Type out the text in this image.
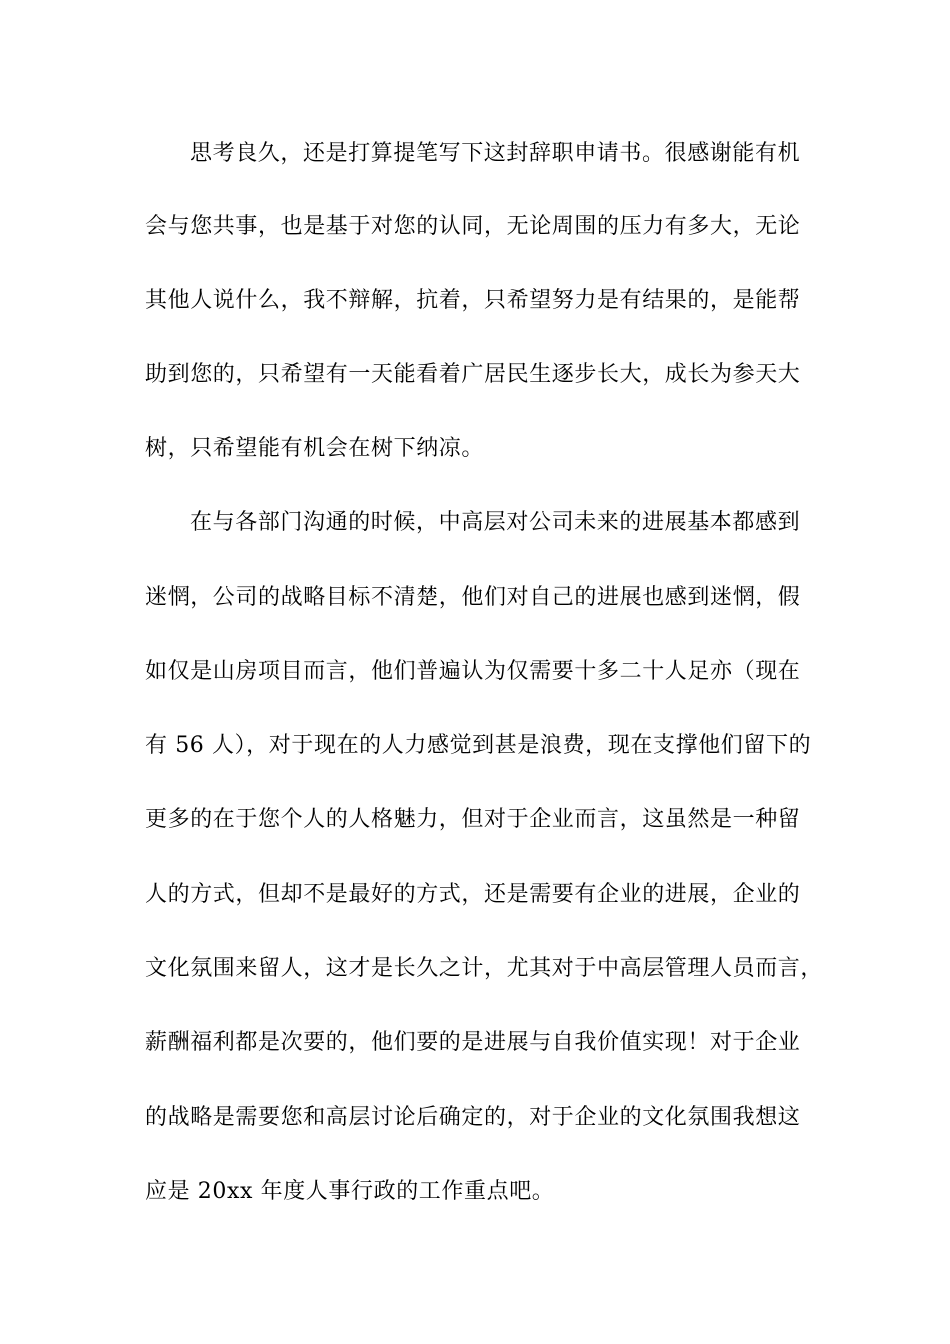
思考良久，还是打算提笔写下这封辞职申请书。很感谢能有机

会与您共事，也是基于对您的认同，无论周围的压力有多大，无论

其他人说什么，我不辩解，抗着，只希望努力是有结果的，是能帮

助到您的，只希望有一天能看着广居民生逐步长大，成长为参天大

树，只希望能有机会在树下纳凉。

在与各部门沟通的时候，中高层对公司未来的进展基本都感到

迷惘，公司的战略目标不清楚，他们对自己的进展也感到迷惘，假

如仅是山房项目而言，他们普遍认为仅需要十多二十人足亦（现在

有 56 人），对于现在的人力感觉到甚是浪费，现在支撑他们留下的

更多的在于您个人的人格魅力，但对于企业而言，这虽然是一种留

人的方式，但却不是最好的方式，还是需要有企业的进展，企业的

文化氛围来留人，这才是长久之计，尤其对于中高层管理人员而言，

薪酬福利都是次要的，他们要的是进展与自我价值实现！对于企业

的战略是需要您和高层讨论后确定的，对于企业的文化氛围我想这

应是 20xx 年度人事行政的工作重点吧。
